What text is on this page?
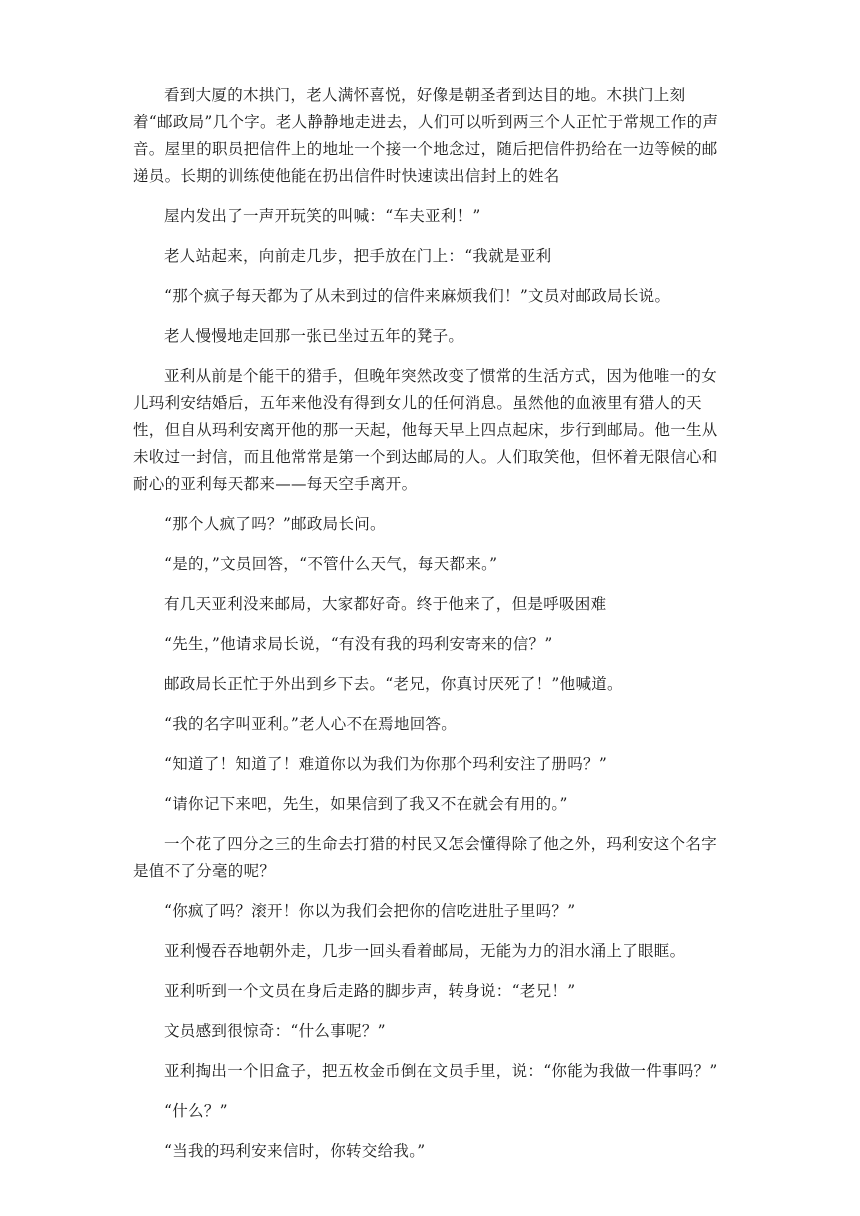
看到大厦的木拱门，老人满怀喜悦，好像是朝圣者到达目的地。木拱门上刻着“邮政局”几个字。老人静静地走进去，人们可以听到两三个人正忙于常规工作的声音。屋里的职员把信件上的地址一个接一个地念过，随后把信件扔给在一边等候的邮递员。长期的训练使他能在扔出信件时快速读出信封上的姓名

屋内发出了一声开玩笑的叫喊：“车夫亚利！”

老人站起来，向前走几步，把手放在门上：“我就是亚利

“那个疯子每天都为了从未到过的信件来麻烦我们！”文员对邮政局长说。

老人慢慢地走回那一张已坐过五年的凳子。

亚利从前是个能干的猎手，但晚年突然改变了惯常的生活方式，因为他唯一的女儿玛利安结婚后，五年来他没有得到女儿的任何消息。虽然他的血液里有猎人的天性，但自从玛利安离开他的那一天起，他每天早上四点起床，步行到邮局。他一生从未收过一封信，而且他常常是第一个到达邮局的人。人们取笑他，但怀着无限信心和耐心的亚利每天都来——每天空手离开。

“那个人疯了吗？”邮政局长问。

“是的，”文员回答，“不管什么天气，每天都来。”

有几天亚利没来邮局，大家都好奇。终于他来了，但是呼吸困难

“先生，”他请求局长说，“有没有我的玛利安寄来的信？”

邮政局长正忙于外出到乡下去。“老兄，你真讨厌死了！”他喊道。

“我的名字叫亚利。”老人心不在焉地回答。

“知道了！知道了！难道你以为我们为你那个玛利安注了册吗？”

“请你记下来吧，先生，如果信到了我又不在就会有用的。”

一个花了四分之三的生命去打猎的村民又怎会懂得除了他之外，玛利安这个名字是值不了分毫的呢？

“你疯了吗？滚开！你以为我们会把你的信吃进肚子里吗？”

亚利慢吞吞地朝外走，几步一回头看着邮局，无能为力的泪水涌上了眼眶。

亚利听到一个文员在身后走路的脚步声，转身说：“老兄！”

文员感到很惊奇：“什么事呢？”

亚利掏出一个旧盒子，把五枚金币倒在文员手里，说：“你能为我做一件事吗？”

“什么？”

“当我的玛利安来信时，你转交给我。”
